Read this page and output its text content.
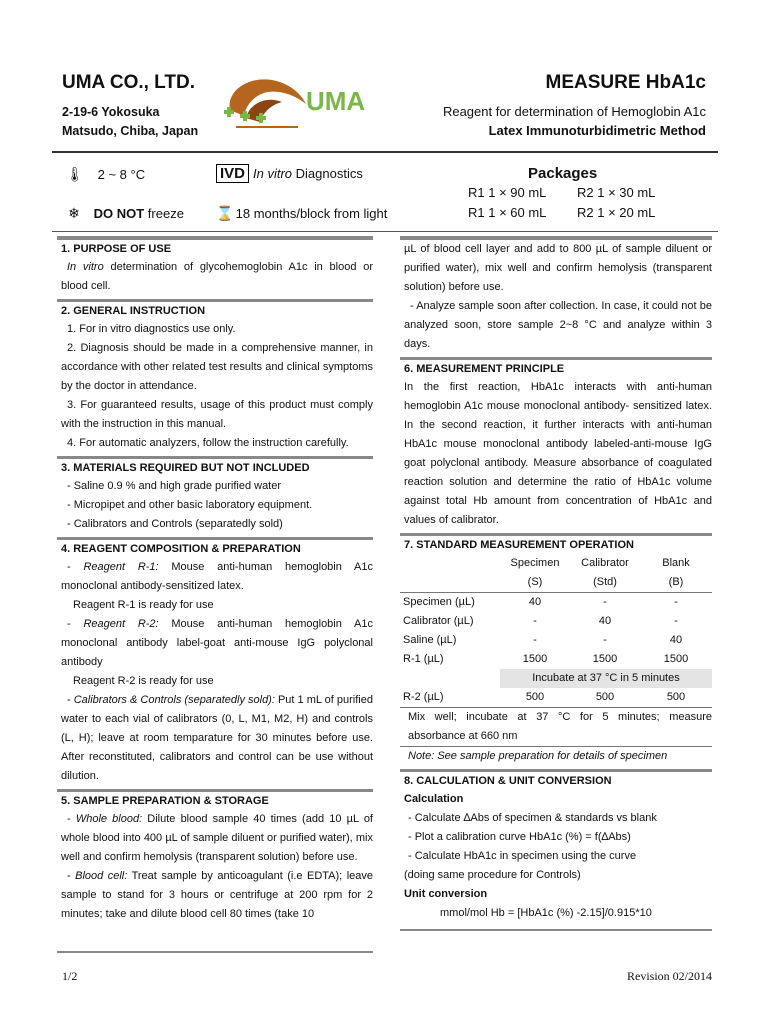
UMA CO., LTD.
2-19-6 Yokosuka
Matsudo, Chiba, Japan
UMA
MEASURE HbA1c
Reagent for determination of Hemoglobin A1c
Latex Immunoturbidimetric Method
🌡︎ 2 ~ 8 °C	IVD In vitro Diagnostics
❄ DO NOT freeze ⌛ 18 months/block from light
Packages
R1 1 × 90 mL R2 1 × 30 mL
R1 1 × 60 mL R2 1 × 20 mL
1. PURPOSE OF USE

In vitro determination of glycohemoglobin A1c in blood or blood cell.

2. GENERAL INSTRUCTION

1. For in vitro diagnostics use only.

2. Diagnosis should be made in a comprehensive manner, in accordance with other related test results and clinical symptoms by the doctor in attendance.

3. For guaranteed results, usage of this product must comply with the instruction in this manual.

4. For automatic analyzers, follow the instruction carefully.

3. MATERIALS REQUIRED BUT NOT INCLUDED

- Saline 0.9 % and high grade purified water

- Micropipet and other basic laboratory equipment.

- Calibrators and Controls (separatedly sold)

4. REAGENT COMPOSITION & PREPARATION

- Reagent R-1: Mouse anti-human hemoglobin A1c monoclonal antibody-sensitized latex.

Reagent R-1 is ready for use

- Reagent R-2: Mouse anti-human hemoglobin A1c monoclonal antibody label-goat anti-mouse IgG polyclonal antibody

Reagent R-2 is ready for use

- Calibrators & Controls (separatedly sold): Put 1 mL of purified water to each vial of calibrators (0, L, M1, M2, H) and controls (L, H); leave at room temparature for 30 minutes before use. After reconstituted, calibrators and control can be use without dilution.

5. SAMPLE PREPARATION & STORAGE

- Whole blood: Dilute blood sample 40 times (add 10 µL of whole blood into 400 µL of sample diluent or purified water), mix well and confirm hemolysis (transparent solution) before use.

- Blood cell: Treat sample by anticoagulant (i.e EDTA); leave sample to stand for 3 hours or centrifuge at 200 rpm for 2 minutes; take and dilute blood cell 80 times (take 10

µL of blood cell layer and add to 800 µL of sample diluent or purified water), mix well and confirm hemolysis (transparent solution) before use.

- Analyze sample soon after collection. In case, it could not be analyzed soon, store sample 2~8 °C and analyze within 3 days.

6. MEASUREMENT PRINCIPLE

In the first reaction, HbA1c interacts with anti-human hemoglobin A1c mouse monoclonal antibody- sensitized latex. In the second reaction, it further interacts with anti-human HbA1c mouse monoclonal antibody labeled-anti-mouse IgG goat polyclonal antibody. Measure absorbance of coagulated reaction solution and determine the ratio of HbA1c volume against total Hb amount from concentration of HbA1c and values of calibrator.

7. STANDARD MEASUREMENT OPERATION
	Specimen	Calibrator	Blank
	(S)	(Std)	(B)
Specimen (µL)	40	-	-
Calibrator (µL)	-	40	-
Saline (µL)	-	-	40
R-1 (µL)	1500	1500	1500
	Incubate at 37 °C in 5 minutes		
R-2 (µL)	500	500	500

Mix well; incubate at 37 °C for 5 minutes; measure absorbance at 660 nm

Note: See sample preparation for details of specimen

8. CALCULATION & UNIT CONVERSION

Calculation

- Calculate ∆Abs of specimen & standards vs blank

- Plot a calibration curve HbA1c (%) = f(∆Abs)

- Calculate HbA1c in specimen using the curve

(doing same procedure for Controls)

Unit conversion

mmol/mol Hb = [HbA1c (%) -2.15]/0.915*10

1/2	Revision 02/2014
